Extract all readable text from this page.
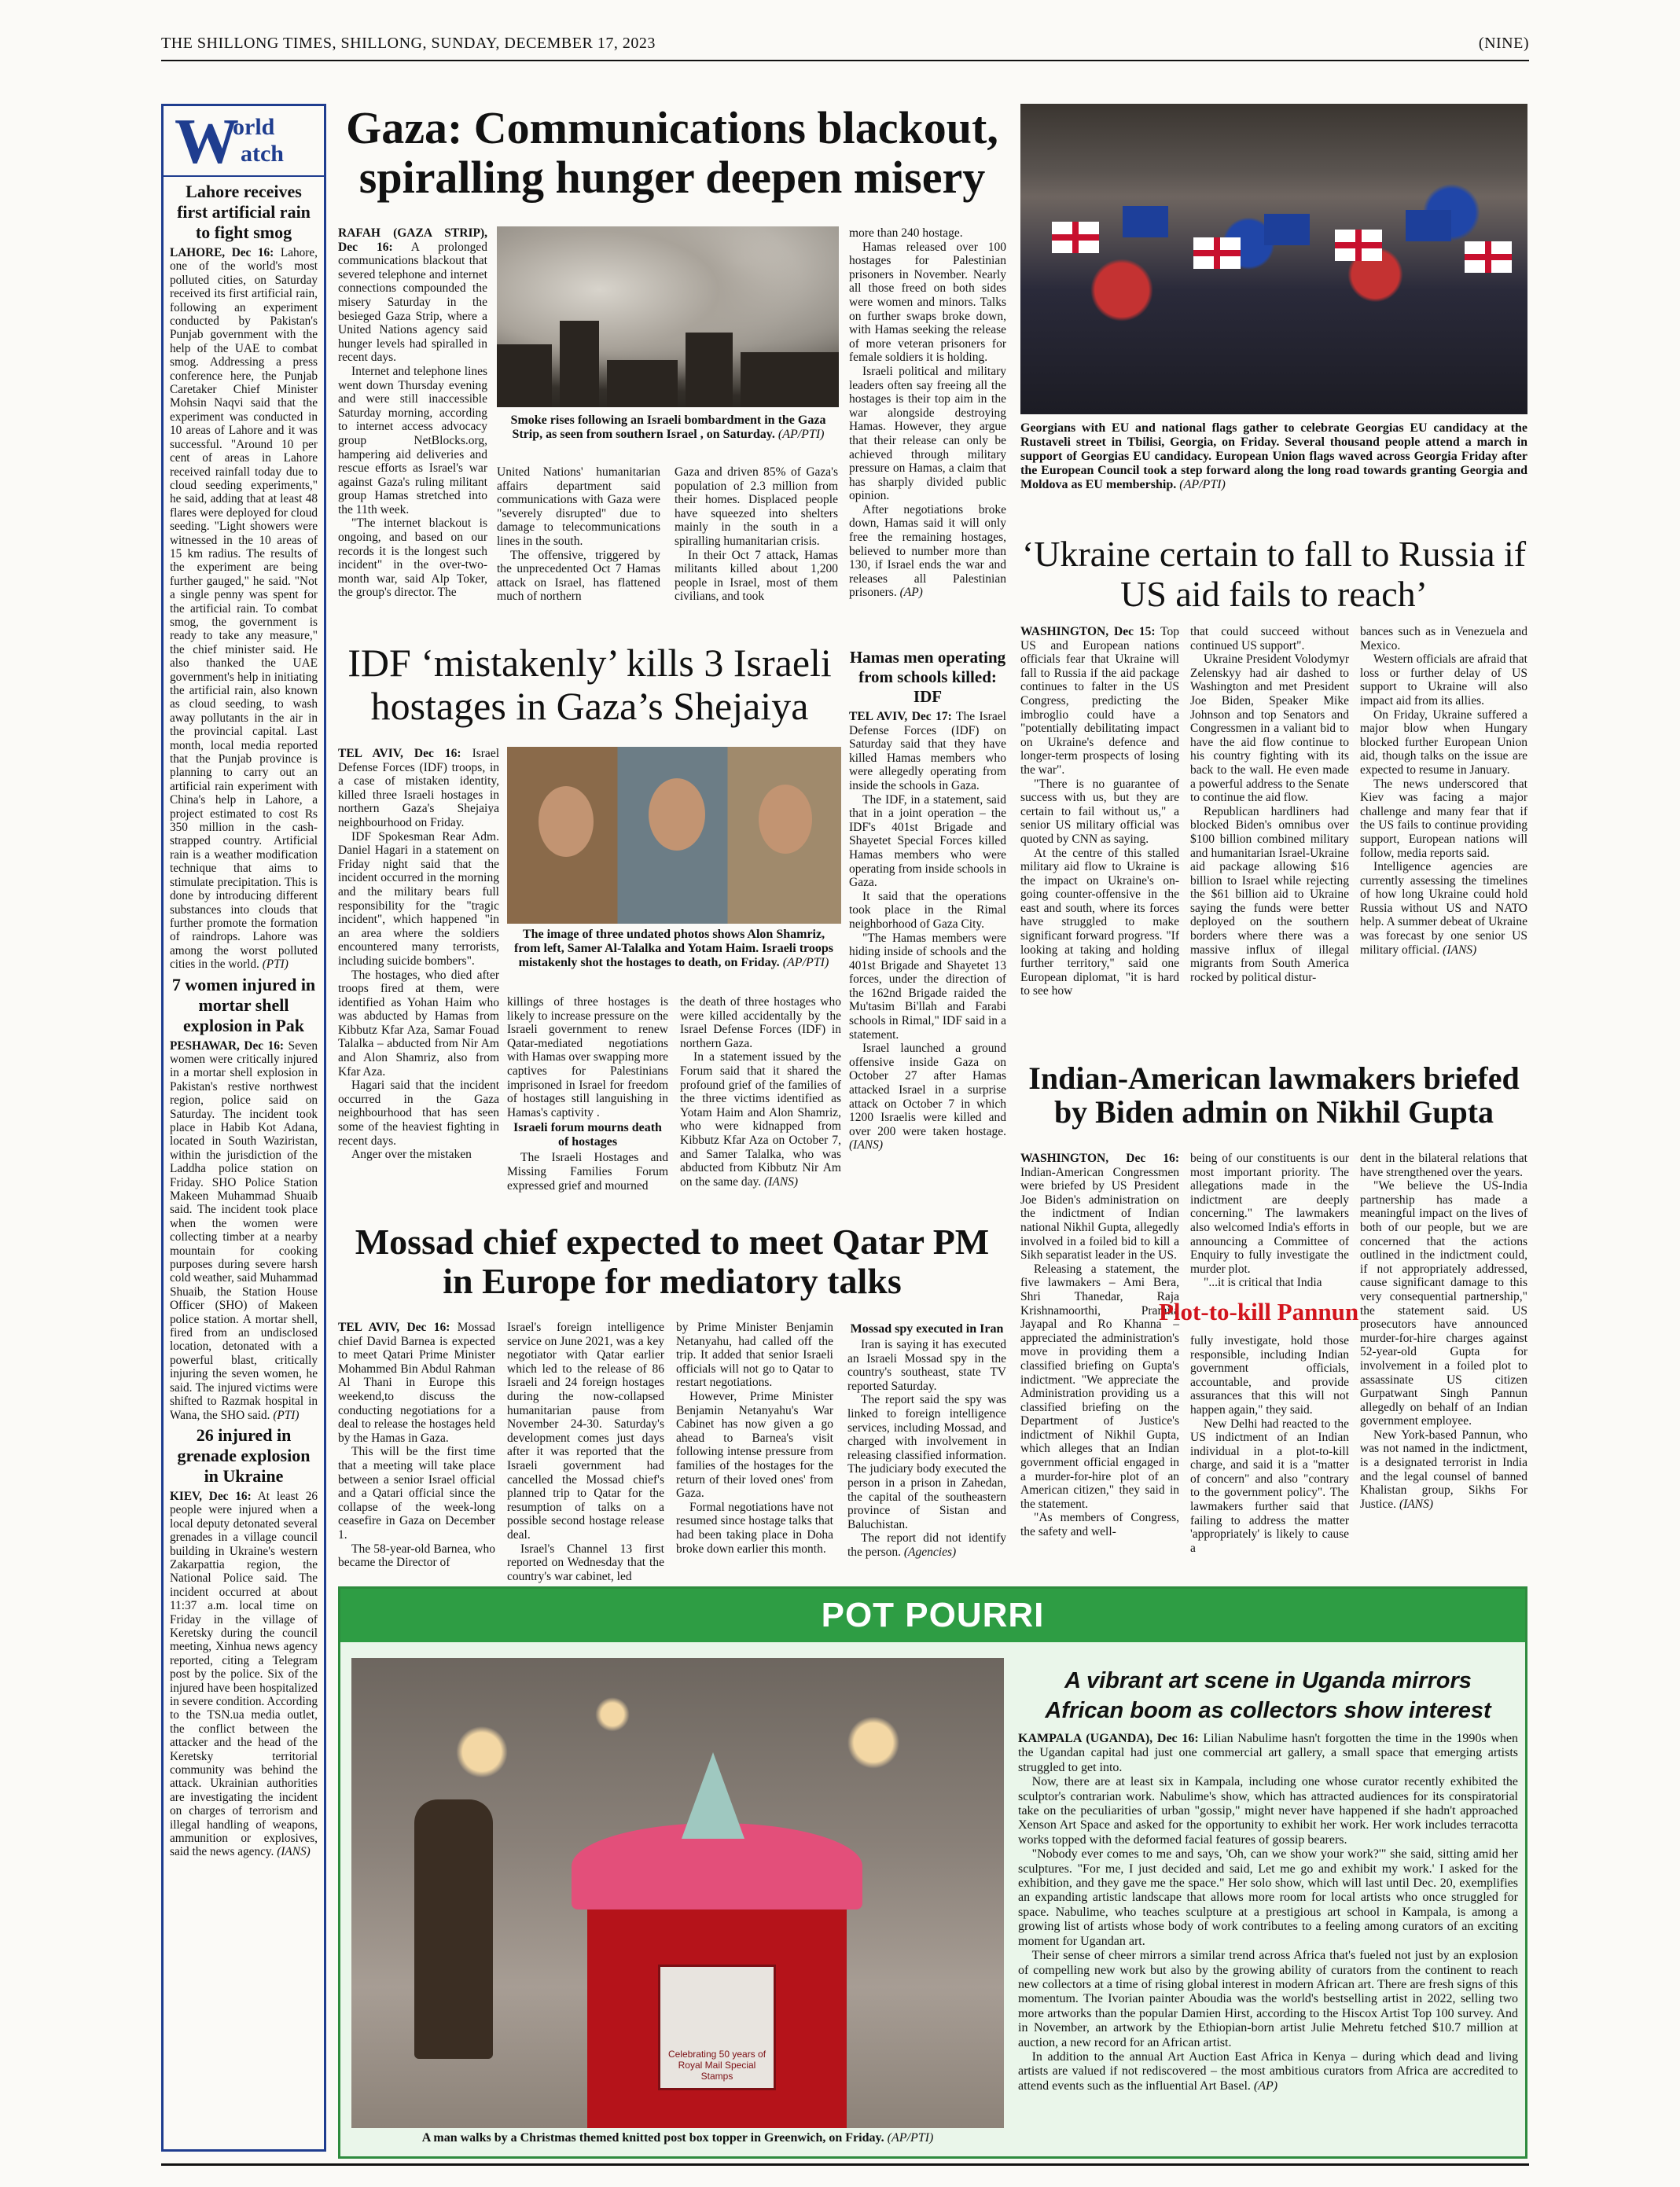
THE SHILLONG TIMES, SHILLONG, SUNDAY, DECEMBER 17, 2023	(NINE)
W
orld
atch
Lahore receives first artificial rain to fight smog
LAHORE, Dec 16: Lahore, one of the world's most polluted cities, on Saturday received its first artificial rain, following an experiment conducted by Pakistan's Punjab government with the help of the UAE to combat smog. Addressing a press conference here, the Punjab Caretaker Chief Minister Mohsin Naqvi said that the experiment was conducted in 10 areas of Lahore and it was successful. "Around 10 per cent of areas in Lahore received rainfall today due to cloud seeding experiments," he said, adding that at least 48 flares were deployed for cloud seeding. "Light showers were witnessed in the 10 areas of 15 km radius. The results of the experiment are being further gauged," he said. "Not a single penny was spent for the artificial rain. To combat smog, the government is ready to take any measure," the chief minister said. He also thanked the UAE government's help in initiating the artificial rain, also known as cloud seeding, to wash away pollutants in the air in the provincial capital. Last month, local media reported that the Punjab province is planning to carry out an artificial rain experiment with China's help in Lahore, a project estimated to cost Rs 350 million in the cash-strapped country. Artificial rain is a weather modification technique that aims to stimulate precipitation. This is done by introducing different substances into clouds that further promote the formation of raindrops. Lahore was among the worst polluted cities in the world. (PTI)
7 women injured in mortar shell explosion in Pak
PESHAWAR, Dec 16: Seven women were critically injured in a mortar shell explosion in Pakistan's restive northwest region, police said on Saturday. The incident took place in Habib Kot Adana, located in South Waziristan, within the jurisdiction of the Laddha police station on Friday. SHO Police Station Makeen Muhammad Shuaib said. The incident took place when the women were collecting timber at a nearby mountain for cooking purposes during severe harsh cold weather, said Muhammad Shuaib, the Station House Officer (SHO) of Makeen police station. A mortar shell, fired from an undisclosed location, detonated with a powerful blast, critically injuring the seven women, he said. The injured victims were shifted to Razmak hospital in Wana, the SHO said. (PTI)
26 injured in grenade explosion in Ukraine
KIEV, Dec 16: At least 26 people were injured when a local deputy detonated several grenades in a village council building in Ukraine's western Zakarpattia region, the National Police said. The incident occurred at about 11:37 a.m. local time on Friday in the village of Keretsky during the council meeting, Xinhua news agency reported, citing a Telegram post by the police. Six of the injured have been hospitalized in severe condition. According to the TSN.ua media outlet, the conflict between the attacker and the head of the Keretsky territorial community was behind the attack. Ukrainian authorities are investigating the incident on charges of terrorism and illegal handling of weapons, ammunition or explosives, said the news agency. (IANS)
Gaza: Communications blackout, spiralling hunger deepen misery

RAFAH (GAZA STRIP), Dec 16: A prolonged communications blackout that severed telephone and internet connections compounded the misery Saturday in the besieged Gaza Strip, where a United Nations agency said hunger levels had spiralled in recent days.

Internet and telephone lines went down Thursday evening and were still inaccessible Saturday morning, according to internet access advocacy group NetBlocks.org, hampering aid deliveries and rescue efforts as Israel's war against Gaza's ruling militant group Hamas stretched into the 11th week.

"The internet blackout is ongoing, and based on our records it is the longest such incident" in the over-two-month war, said Alp Toker, the group's director. The

Smoke rises following an Israeli bombardment in the Gaza Strip, as seen from southern Israel , on Saturday. (AP/PTI)

United Nations' humanitarian affairs department said communications with Gaza were "severely disrupted" due to damage to telecommunications lines in the south.

The offensive, triggered by the unprecedented Oct 7 Hamas attack on Israel, has flattened much of northern

Gaza and driven 85% of Gaza's population of 2.3 million from their homes. Displaced people have squeezed into shelters mainly in the south in a spiralling humanitarian crisis.

In their Oct 7 attack, Hamas militants killed about 1,200 people in Israel, most of them civilians, and took

more than 240 hostage.

Hamas released over 100 hostages for Palestinian prisoners in November. Nearly all those freed on both sides were women and minors. Talks on further swaps broke down, with Hamas seeking the release of more veteran prisoners for female soldiers it is holding.

Israeli political and military leaders often say freeing all the hostages is their top aim in the war alongside destroying Hamas. However, they argue that their release can only be achieved through military pressure on Hamas, a claim that has sharply divided public opinion.

After negotiations broke down, Hamas said it will only free the remaining hostages, believed to number more than 130, if Israel ends the war and releases all Palestinian prisoners. (AP)

IDF ‘mistakenly’ kills 3 Israeli hostages in Gaza’s Shejaiya

TEL AVIV, Dec 16: Israel Defense Forces (IDF) troops, in a case of mistaken identity, killed three Israeli hostages in northern Gaza's Shejaiya neighbourhood on Friday.

IDF Spokesman Rear Adm. Daniel Hagari in a statement on Friday night said that the incident occurred in the morning and the military bears full responsibility for the "tragic incident", which happened "in an area where the soldiers encountered many terrorists, including suicide bombers".

The hostages, who died after troops fired at them, were identified as Yohan Haim who was abducted by Hamas from Kibbutz Kfar Aza, Samar Fouad Talalka – abducted from Nir Am and Alon Shamriz, also from Kfar Aza.

Hagari said that the incident occurred in the Gaza neighbourhood that has seen some of the heaviest fighting in recent days.

Anger over the mistaken

The image of three undated photos shows Alon Shamriz, from left, Samer Al-Talalka and Yotam Haim. Israeli troops mistakenly shot the hostages to death, on Friday. (AP/PTI)

killings of three hostages is likely to increase pressure on the Israeli government to renew Qatar-mediated negotiations with Hamas over swapping more captives for Palestinians imprisoned in Israel for freedom of hostages still languishing in Hamas's captivity .

Israeli forum mourns death of hostages

The Israeli Hostages and Missing Families Forum expressed grief and mourned

the death of three hostages who were killed accidentally by the Israel Defense Forces (IDF) in northern Gaza.

In a statement issued by the Forum said that it shared the profound grief of the families of the three victims identified as Yotam Haim and Alon Shamriz, who were kidnapped from Kibbutz Kfar Aza on October 7, and Samer Talalka, who was abducted from Kibbutz Nir Am on the same day. (IANS)

Hamas men operating from schools killed: IDF

TEL AVIV, Dec 17: The Israel Defense Forces (IDF) on Saturday said that they have killed Hamas members who were allegedly operating from inside the schools in Gaza.

The IDF, in a statement, said that in a joint operation – the IDF's 401st Brigade and Shayetet Special Forces killed Hamas members who were operating from inside schools in Gaza.

It said that the operations took place in the Rimal neighborhood of Gaza City.

"The Hamas members were hiding inside of schools and the 401st Brigade and Shayetet 13 forces, under the direction of the 162nd Brigade raided the Mu'tasim Bi'llah and Farabi schools in Rimal," IDF said in a statement.

Israel launched a ground offensive inside Gaza on October 27 after Hamas attacked Israel in a surprise attack on October 7 in which 1200 Israelis were killed and over 200 were taken hostage. (IANS)

Georgians with EU and national flags gather to celebrate Georgias EU candidacy at the Rustaveli street in Tbilisi, Georgia, on Friday. Several thousand people attend a march in support of Georgias EU candidacy. European Union flags waved across Georgia Friday after the European Council took a step forward along the long road towards granting Georgia and Moldova as EU membership. (AP/PTI)
‘Ukraine certain to fall to Russia if US aid fails to reach’

WASHINGTON, Dec 15: Top US and European nations officials fear that Ukraine will fall to Russia if the aid package continues to falter in the US Congress, predicting the imbroglio could have a "potentially debilitating impact on Ukraine's defence and longer-term prospects of losing the war".

"There is no guarantee of success with us, but they are certain to fail without us," a senior US military official was quoted by CNN as saying.

At the centre of this stalled military aid flow to Ukraine is the impact on Ukraine's on-going counter-offensive in the east and south, where its forces have struggled to make significant forward progress. "If looking at taking and holding further territory," said one European diplomat, "it is hard to see how

that could succeed without continued US support".

Ukraine President Volodymyr Zelenskyy had air dashed to Washington and met President Joe Biden, Speaker Mike Johnson and top Senators and Congressmen in a valiant bid to have the aid flow continue to his country fighting with its back to the wall. He even made a powerful address to the Senate to continue the aid flow.

Republican hardliners had blocked Biden's omnibus over $100 billion combined military and humanitarian Israel-Ukraine aid package allowing $16 billion to Israel while rejecting the $61 billion aid to Ukraine saying the funds were better deployed on the southern borders where there was a massive influx of illegal migrants from South America rocked by political distur-

bances such as in Venezuela and Mexico.

Western officials are afraid that loss or further delay of US support to Ukraine will also impact aid from its allies.

On Friday, Ukraine suffered a major blow when Hungary blocked further European Union aid, though talks on the issue are expected to resume in January.

The news underscored that Kiev was facing a major challenge and many fear that if the US fails to continue providing support, European nations will follow, media reports said.

Intelligence agencies are currently assessing the timelines of how long Ukraine could hold Russia without US and NATO help. A summer debeat of Ukraine was forecast by one senior US military official. (IANS)

Mossad chief expected to meet Qatar PM in Europe for mediatory talks

TEL AVIV, Dec 16: Mossad chief David Barnea is expected to meet Qatari Prime Minister Mohammed Bin Abdul Rahman Al Thani in Europe this weekend,to discuss the conducting negotiations for a deal to release the hostages held by the Hamas in Gaza.

This will be the first time that a meeting will take place between a senior Israel official and a Qatari official since the collapse of the week-long ceasefire in Gaza on December 1.

The 58-year-old Barnea, who became the Director of

Israel's foreign intelligence service on June 2021, was a key negotiator with Qatar earlier which led to the release of 86 Israeli and 24 foreign hostages during the now-collapsed humanitarian pause from November 24-30. Saturday's development comes just days after it was reported that the Israeli government had cancelled the Mossad chief's planned trip to Qatar for the resumption of talks on a possible second hostage release deal.

Israel's Channel 13 first reported on Wednesday that the country's war cabinet, led

by Prime Minister Benjamin Netanyahu, had called off the trip. It added that senior Israeli officials will not go to Qatar to restart negotiations.

However, Prime Minister Benjamin Netanyahu's War Cabinet has now given a go ahead to Barnea's visit following intense pressure from families of the hostages for the return of their loved ones' from Gaza.

Formal negotiations have not resumed since hostage talks that had been taking place in Doha broke down earlier this month.

Mossad spy executed in Iran

Iran is saying it has executed an Israeli Mossad spy in the country's southeast, state TV reported Saturday.

The report said the spy was linked to foreign intelligence services, including Mossad, and charged with involvement in releasing classified information. The judiciary body executed the person in a prison in Zahedan, the capital of the southeastern province of Sistan and Baluchistan.

The report did not identify the person. (Agencies)

Indian-American lawmakers briefed by Biden admin on Nikhil Gupta

WASHINGTON, Dec 16: Indian-American Congressmen were briefed by US President Joe Biden's administration on the indictment of Indian national Nikhil Gupta, allegedly involved in a foiled bid to kill a Sikh separatist leader in the US.

Releasing a statement, the five lawmakers – Ami Bera, Shri Thanedar, Raja Krishnamoorthi, Pramila Jayapal and Ro Khanna – appreciated the administration's move in providing them a classified briefing on Gupta's indictment. "We appreciate the Administration providing us a classified briefing on the Department of Justice's indictment of Nikhil Gupta, which alleges that an Indian government official engaged in a murder-for-hire plot of an American citizen," they said in the statement.

"As members of Congress, the safety and well-

being of our constituents is our most important priority. The allegations made in the indictment are deeply concerning." The lawmakers also welcomed India's efforts in announcing a Committee of Enquiry to fully investigate the murder plot.

"...it is critical that India

Plot-to-kill Pannun

fully investigate, hold those responsible, including Indian government officials, accountable, and provide assurances that this will not happen again," they said.

New Delhi had reacted to the US indictment of an Indian individual in a plot-to-kill charge, and said it is a "matter of concern" and also "contrary to the government policy". The lawmakers further said that failing to address the matter 'appropriately' is likely to cause a

dent in the bilateral relations that have strengthened over the years.

"We believe the US-India partnership has made a meaningful impact on the lives of both of our people, but we are concerned that the actions outlined in the indictment could, if not appropriately addressed, cause significant damage to this very consequential partnership," the statement said. US prosecutors have announced murder-for-hire charges against 52-year-old Gupta for involvement in a foiled plot to assassinate US citizen Gurpatwant Singh Pannun allegedly on behalf of an Indian government employee.

New York-based Pannun, who was not named in the indictment, is a designated terrorist in India and the legal counsel of banned Khalistan group, Sikhs For Justice. (IANS)

POT POURRI
Celebrating 50 years of Royal Mail Special Stamps
A man walks by a Christmas themed knitted post box topper in Greenwich, on Friday. (AP/PTI)
A vibrant art scene in Uganda mirrors African boom as collectors show interest

KAMPALA (UGANDA), Dec 16: Lilian Nabulime hasn't forgotten the time in the 1990s when the Ugandan capital had just one commercial art gallery, a small space that emerging artists struggled to get into.

Now, there are at least six in Kampala, including one whose curator recently exhibited the sculptor's contrarian work. Nabulime's show, which has attracted audiences for its conspiratorial take on the peculiarities of urban "gossip," might never have happened if she hadn't approached Xenson Art Space and asked for the opportunity to exhibit her work. Her work includes terracotta works topped with the deformed facial features of gossip bearers.

"Nobody ever comes to me and says, 'Oh, can we show your work?'" she said, sitting amid her sculptures. "For me, I just decided and said, Let me go and exhibit my work.' I asked for the exhibition, and they gave me the space." Her solo show, which will last until Dec. 20, exemplifies an expanding artistic landscape that allows more room for local artists who once struggled for space. Nabulime, who teaches sculpture at a prestigious art school in Kampala, is among a growing list of artists whose body of work contributes to a feeling among curators of an exciting moment for Ugandan art.

Their sense of cheer mirrors a similar trend across Africa that's fueled not just by an explosion of compelling new work but also by the growing ability of curators from the continent to reach new collectors at a time of rising global interest in modern African art. There are fresh signs of this momentum. The Ivorian painter Aboudia was the world's bestselling artist in 2022, selling two more artworks than the popular Damien Hirst, according to the Hiscox Artist Top 100 survey. And in November, an artwork by the Ethiopian-born artist Julie Mehretu fetched $10.7 million at auction, a new record for an African artist.

In addition to the annual Art Auction East Africa in Kenya – during which dead and living artists are valued if not rediscovered – the most ambitious curators from Africa are accredited to attend events such as the influential Art Basel. (AP)
